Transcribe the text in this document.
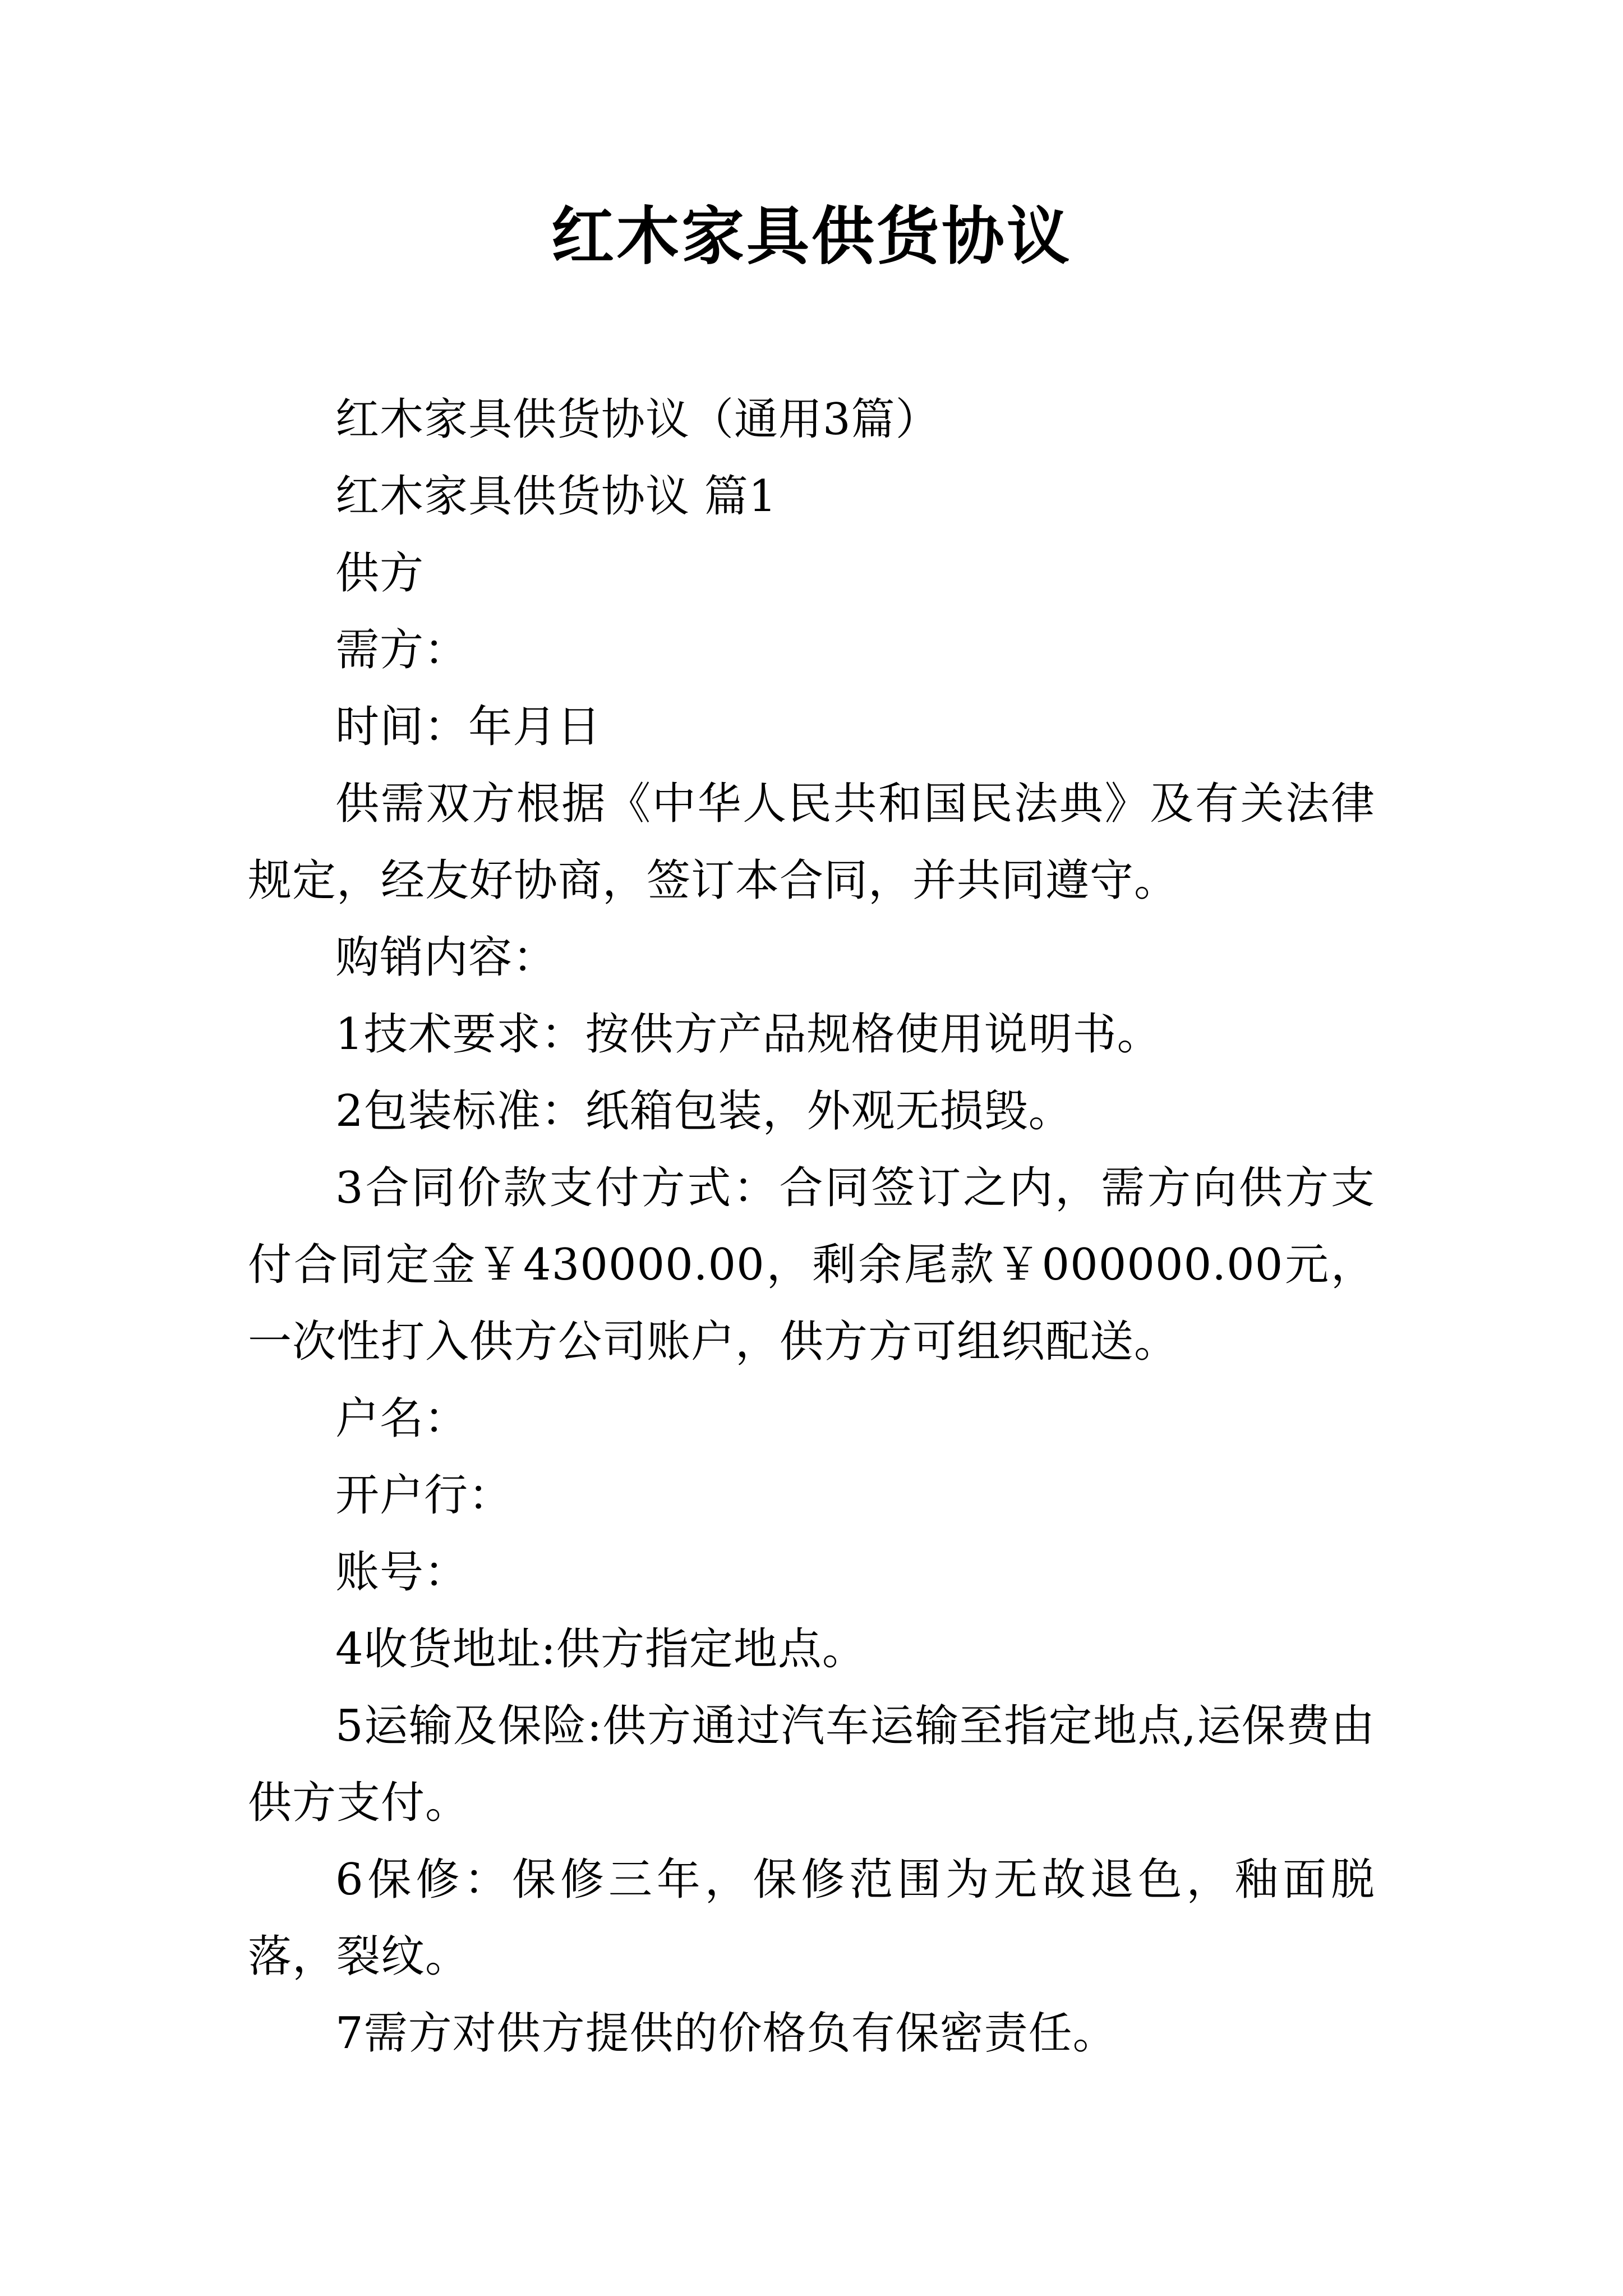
红木家具供货协议

红木家具供货协议（通用3篇）

红木家具供货协议 篇1

供方

需方：

时间：年月日

供需双方根据《中华人民共和国民法典》及有关法律规定，经友好协商，签订本合同，并共同遵守。

购销内容：

1技术要求：按供方产品规格使用说明书。

2包装标准：纸箱包装，外观无损毁。

3合同价款支付方式：合同签订之内，需方向供方支付合同定金￥430000.00，剩余尾款￥000000.00元，一次性打入供方公司账户，供方方可组织配送。

户名：

开户行：

账号：

4收货地址:供方指定地点。

5运输及保险:供方通过汽车运输至指定地点,运保费由供方支付。

6保修：保修三年，保修范围为无故退色，釉面脱落，裂纹。

7需方对供方提供的价格负有保密责任。
